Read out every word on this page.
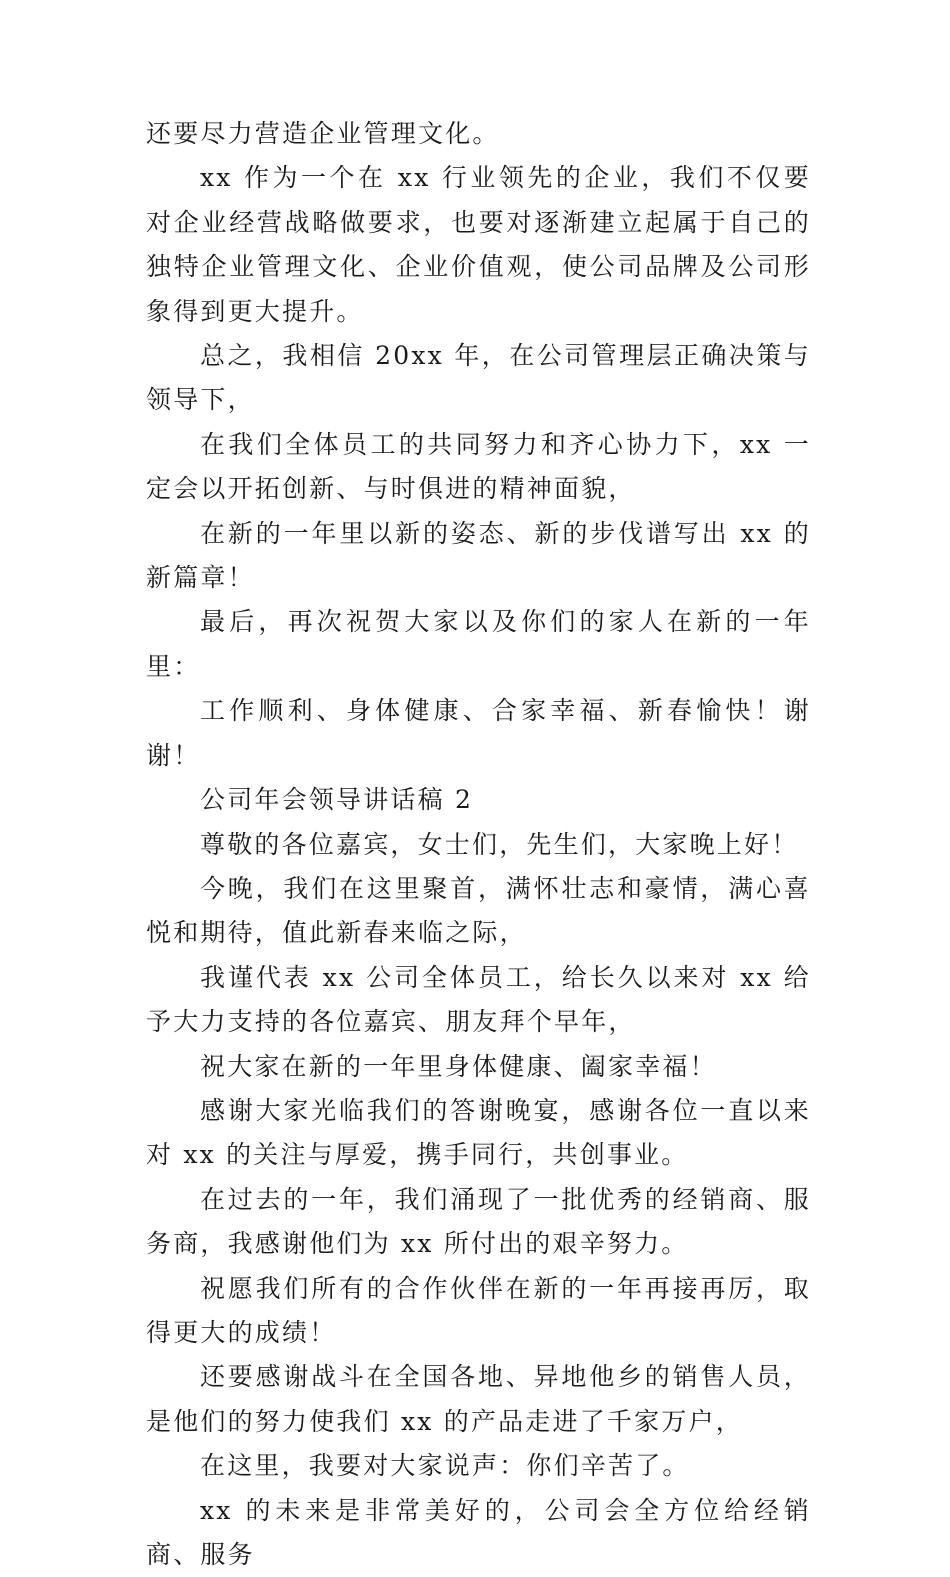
还要尽力营造企业管理文化。

xx 作为一个在 xx 行业领先的企业，我们不仅要对企业经营战略做要求，也要对逐渐建立起属于自己的独特企业管理文化、企业价值观，使公司品牌及公司形象得到更大提升。

总之，我相信 20xx 年，在公司管理层正确决策与领导下，

在我们全体员工的共同努力和齐心协力下，xx 一定会以开拓创新、与时俱进的精神面貌，

在新的一年里以新的姿态、新的步伐谱写出 xx 的新篇章！

最后，再次祝贺大家以及你们的家人在新的一年里：

工作顺利、身体健康、合家幸福、新春愉快！谢谢！

公司年会领导讲话稿 2

尊敬的各位嘉宾，女士们，先生们，大家晚上好！

今晚，我们在这里聚首，满怀壮志和豪情，满心喜悦和期待，值此新春来临之际，

我谨代表 xx 公司全体员工，给长久以来对 xx 给予大力支持的各位嘉宾、朋友拜个早年，

祝大家在新的一年里身体健康、阖家幸福！

感谢大家光临我们的答谢晚宴，感谢各位一直以来对 xx 的关注与厚爱，携手同行，共创事业。

在过去的一年，我们涌现了一批优秀的经销商、服务商，我感谢他们为 xx 所付出的艰辛努力。

祝愿我们所有的合作伙伴在新的一年再接再厉，取得更大的成绩！

还要感谢战斗在全国各地、异地他乡的销售人员，是他们的努力使我们 xx 的产品走进了千家万户，

在这里，我要对大家说声：你们辛苦了。

xx 的未来是非常美好的，公司会全方位给经销商、服务
